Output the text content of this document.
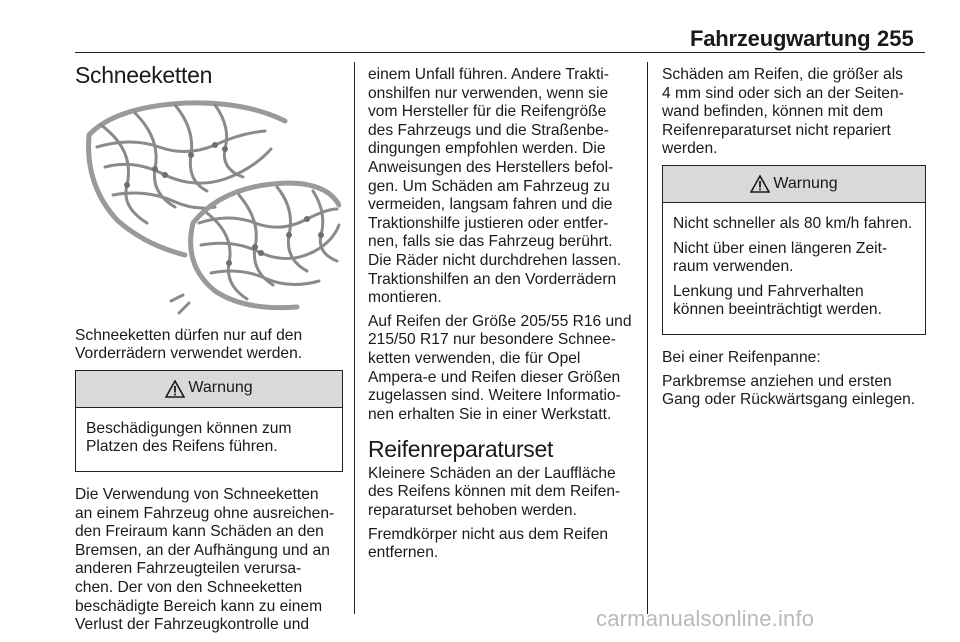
Fahrzeugwartung 255
Schneeketten

Schneeketten dürfen nur auf den
Vorderrädern verwendet werden.

Warnung

Beschädigungen können zum
Platzen des Reifens führen.

Die Verwendung von Schneeketten
an einem Fahrzeug ohne ausreichen-
den Freiraum kann Schäden an den
Bremsen, an der Aufhängung und an
anderen Fahrzeugteilen verursa-
chen. Der von den Schneeketten
beschädigte Bereich kann zu einem
Verlust der Fahrzeugkontrolle und

einem Unfall führen. Andere Trakti-
onshilfen nur verwenden, wenn sie
vom Hersteller für die Reifengröße
des Fahrzeugs und die Straßenbe-
dingungen empfohlen werden. Die
Anweisungen des Herstellers befol-
gen. Um Schäden am Fahrzeug zu
vermeiden, langsam fahren und die
Traktionshilfe justieren oder entfer-
nen, falls sie das Fahrzeug berührt.
Die Räder nicht durchdrehen lassen.
Traktionshilfen an den Vorderrädern
montieren.

Auf Reifen der Größe 205/55 R16 und
215/50 R17 nur besondere Schnee-
ketten verwenden, die für Opel
Ampera-e und Reifen dieser Größen
zugelassen sind. Weitere Informatio-
nen erhalten Sie in einer Werkstatt.

Reifenreparaturset

Kleinere Schäden an der Lauffläche
des Reifens können mit dem Reifen-
reparaturset behoben werden.

Fremdkörper nicht aus dem Reifen
entfernen.

Schäden am Reifen, die größer als
4 mm sind oder sich an der Seiten-
wand befinden, können mit dem
Reifenreparaturset nicht repariert
werden.

Warnung

Nicht schneller als 80 km/h fahren.

Nicht über einen längeren Zeit-
raum verwenden.

Lenkung und Fahrverhalten
können beeinträchtigt werden.

Bei einer Reifenpanne:

Parkbremse anziehen und ersten
Gang oder Rückwärtsgang einlegen.

carmanualsonline.info
